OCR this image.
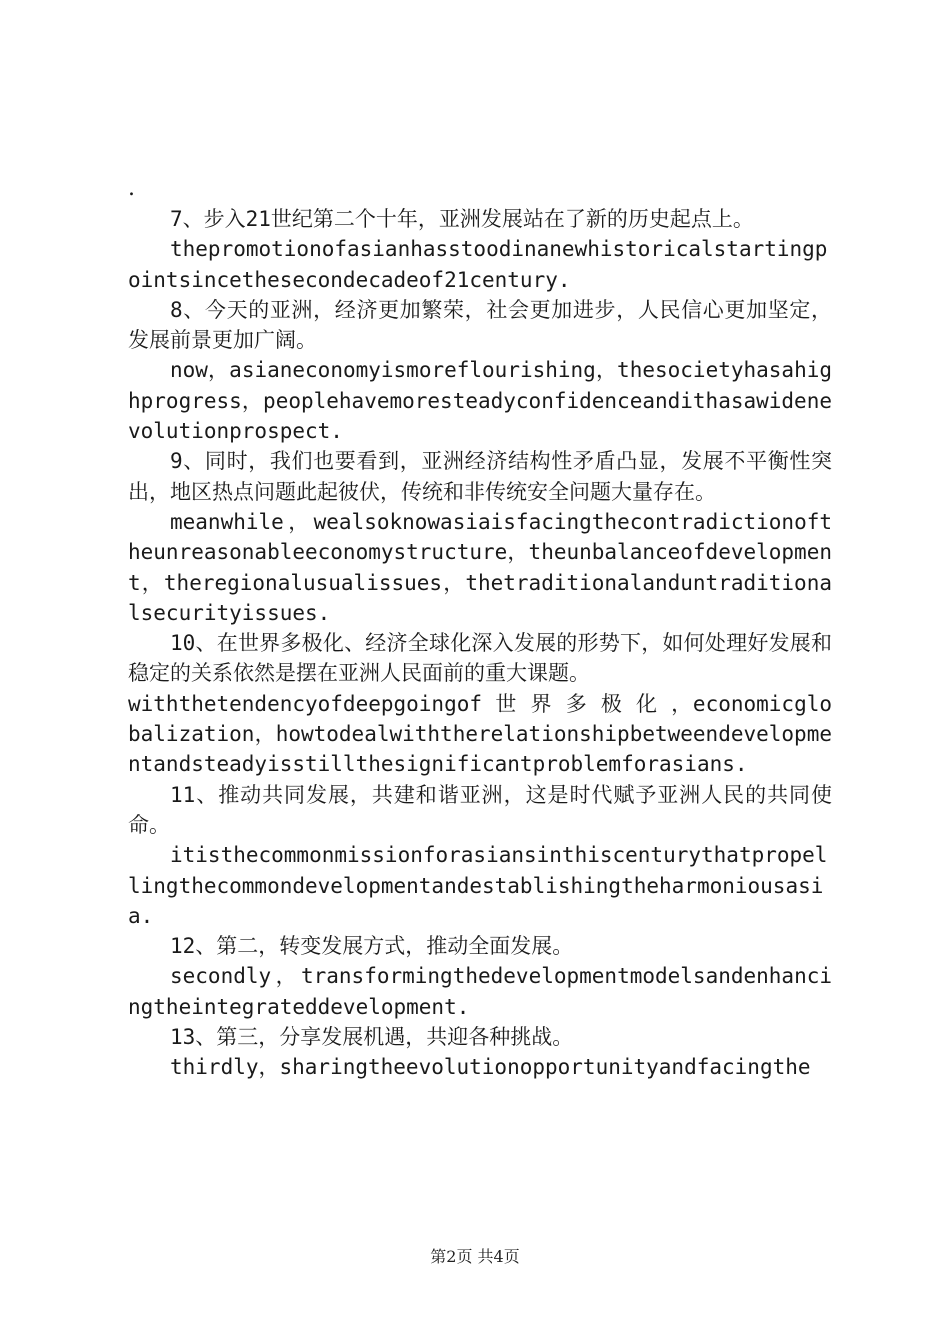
.

7、步入21世纪第二个十年，亚洲发展站在了新的历史起点上。

thepromotionofasianhasstoodinanewhistoricalstartingpointsincethesecondecadeof21century.

8、今天的亚洲，经济更加繁荣，社会更加进步，人民信心更加坚定，发展前景更加广阔。

now，asianeconomyismoreflourishing，thesocietyhasahighprogress，peoplehavemoresteadyconfidenceandithasawidenevolutionprospect.

9、同时，我们也要看到，亚洲经济结构性矛盾凸显，发展不平衡性突出，地区热点问题此起彼伏，传统和非传统安全问题大量存在。

meanwhile，wealsoknowasiaisfacingthecontradictionoftheunreasonableeconomystructure，theunbalanceofdevelopment，theregionalusualissues，thetraditionalanduntraditionalsecurityissues.

10、在世界多极化、经济全球化深入发展的形势下，如何处理好发展和稳定的关系依然是摆在亚洲人民面前的重大课题。

withthetendencyofdeepgoingof 世 界 多 极 化 ，economicglobalization，howtodealwiththerelationshipbetweendevelopmentandsteadyisstillthesignificantproblemforasians.

11、推动共同发展，共建和谐亚洲，这是时代赋予亚洲人民的共同使命。

itisthecommonmissionforasiansinthiscenturythatpropellingthecommondevelopmentandestablishingtheharmoniousasia.

12、第二，转变发展方式，推动全面发展。

secondly，transformingthedevelopmentmodelsandenhancingtheintegrateddevelopment.

13、第三，分享发展机遇，共迎各种挑战。

thirdly，sharingtheevolutionopportunityandfacingthe

第2页 共4页
